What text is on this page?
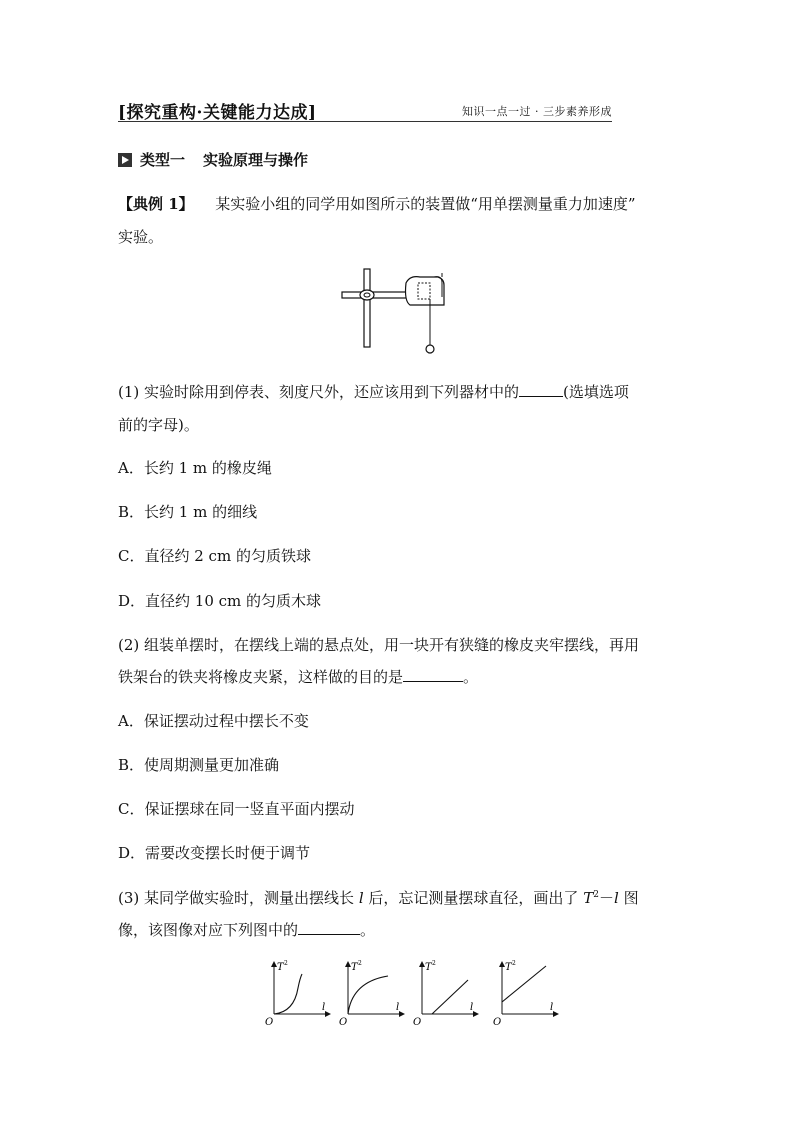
[探究重构·关键能力达成]	知识一点一过 · 三步素养形成
类型一 实验原理与操作
【典例 1】 某实验小组的同学用如图所示的装置做“用单摆测量重力加速度”
实验。
(1) 实验时除用到停表、刻度尺外，还应该用到下列器材中的	(选填选项
前的字母)。
A．长约 1 m 的橡皮绳
B．长约 1 m 的细线
C．直径约 2 cm 的匀质铁球
D．直径约 10 cm 的匀质木球
(2) 组装单摆时，在摆线上端的悬点处，用一块开有狭缝的橡皮夹牢摆线，再用
铁架台的铁夹将橡皮夹紧，这样做的目的是	。
A．保证摆动过程中摆长不变
B．使周期测量更加准确
C．保证摆球在同一竖直平面内摆动
D．需要改变摆长时便于调节
(3) 某同学做实验时，测量出摆线长 l 后，忘记测量摆球直径，画出了 $T^2-l$ 图
像，该图像对应下列图中的	。
T 2
l
O
T 2
l
O
T 2
l
O
T 2
l
O
